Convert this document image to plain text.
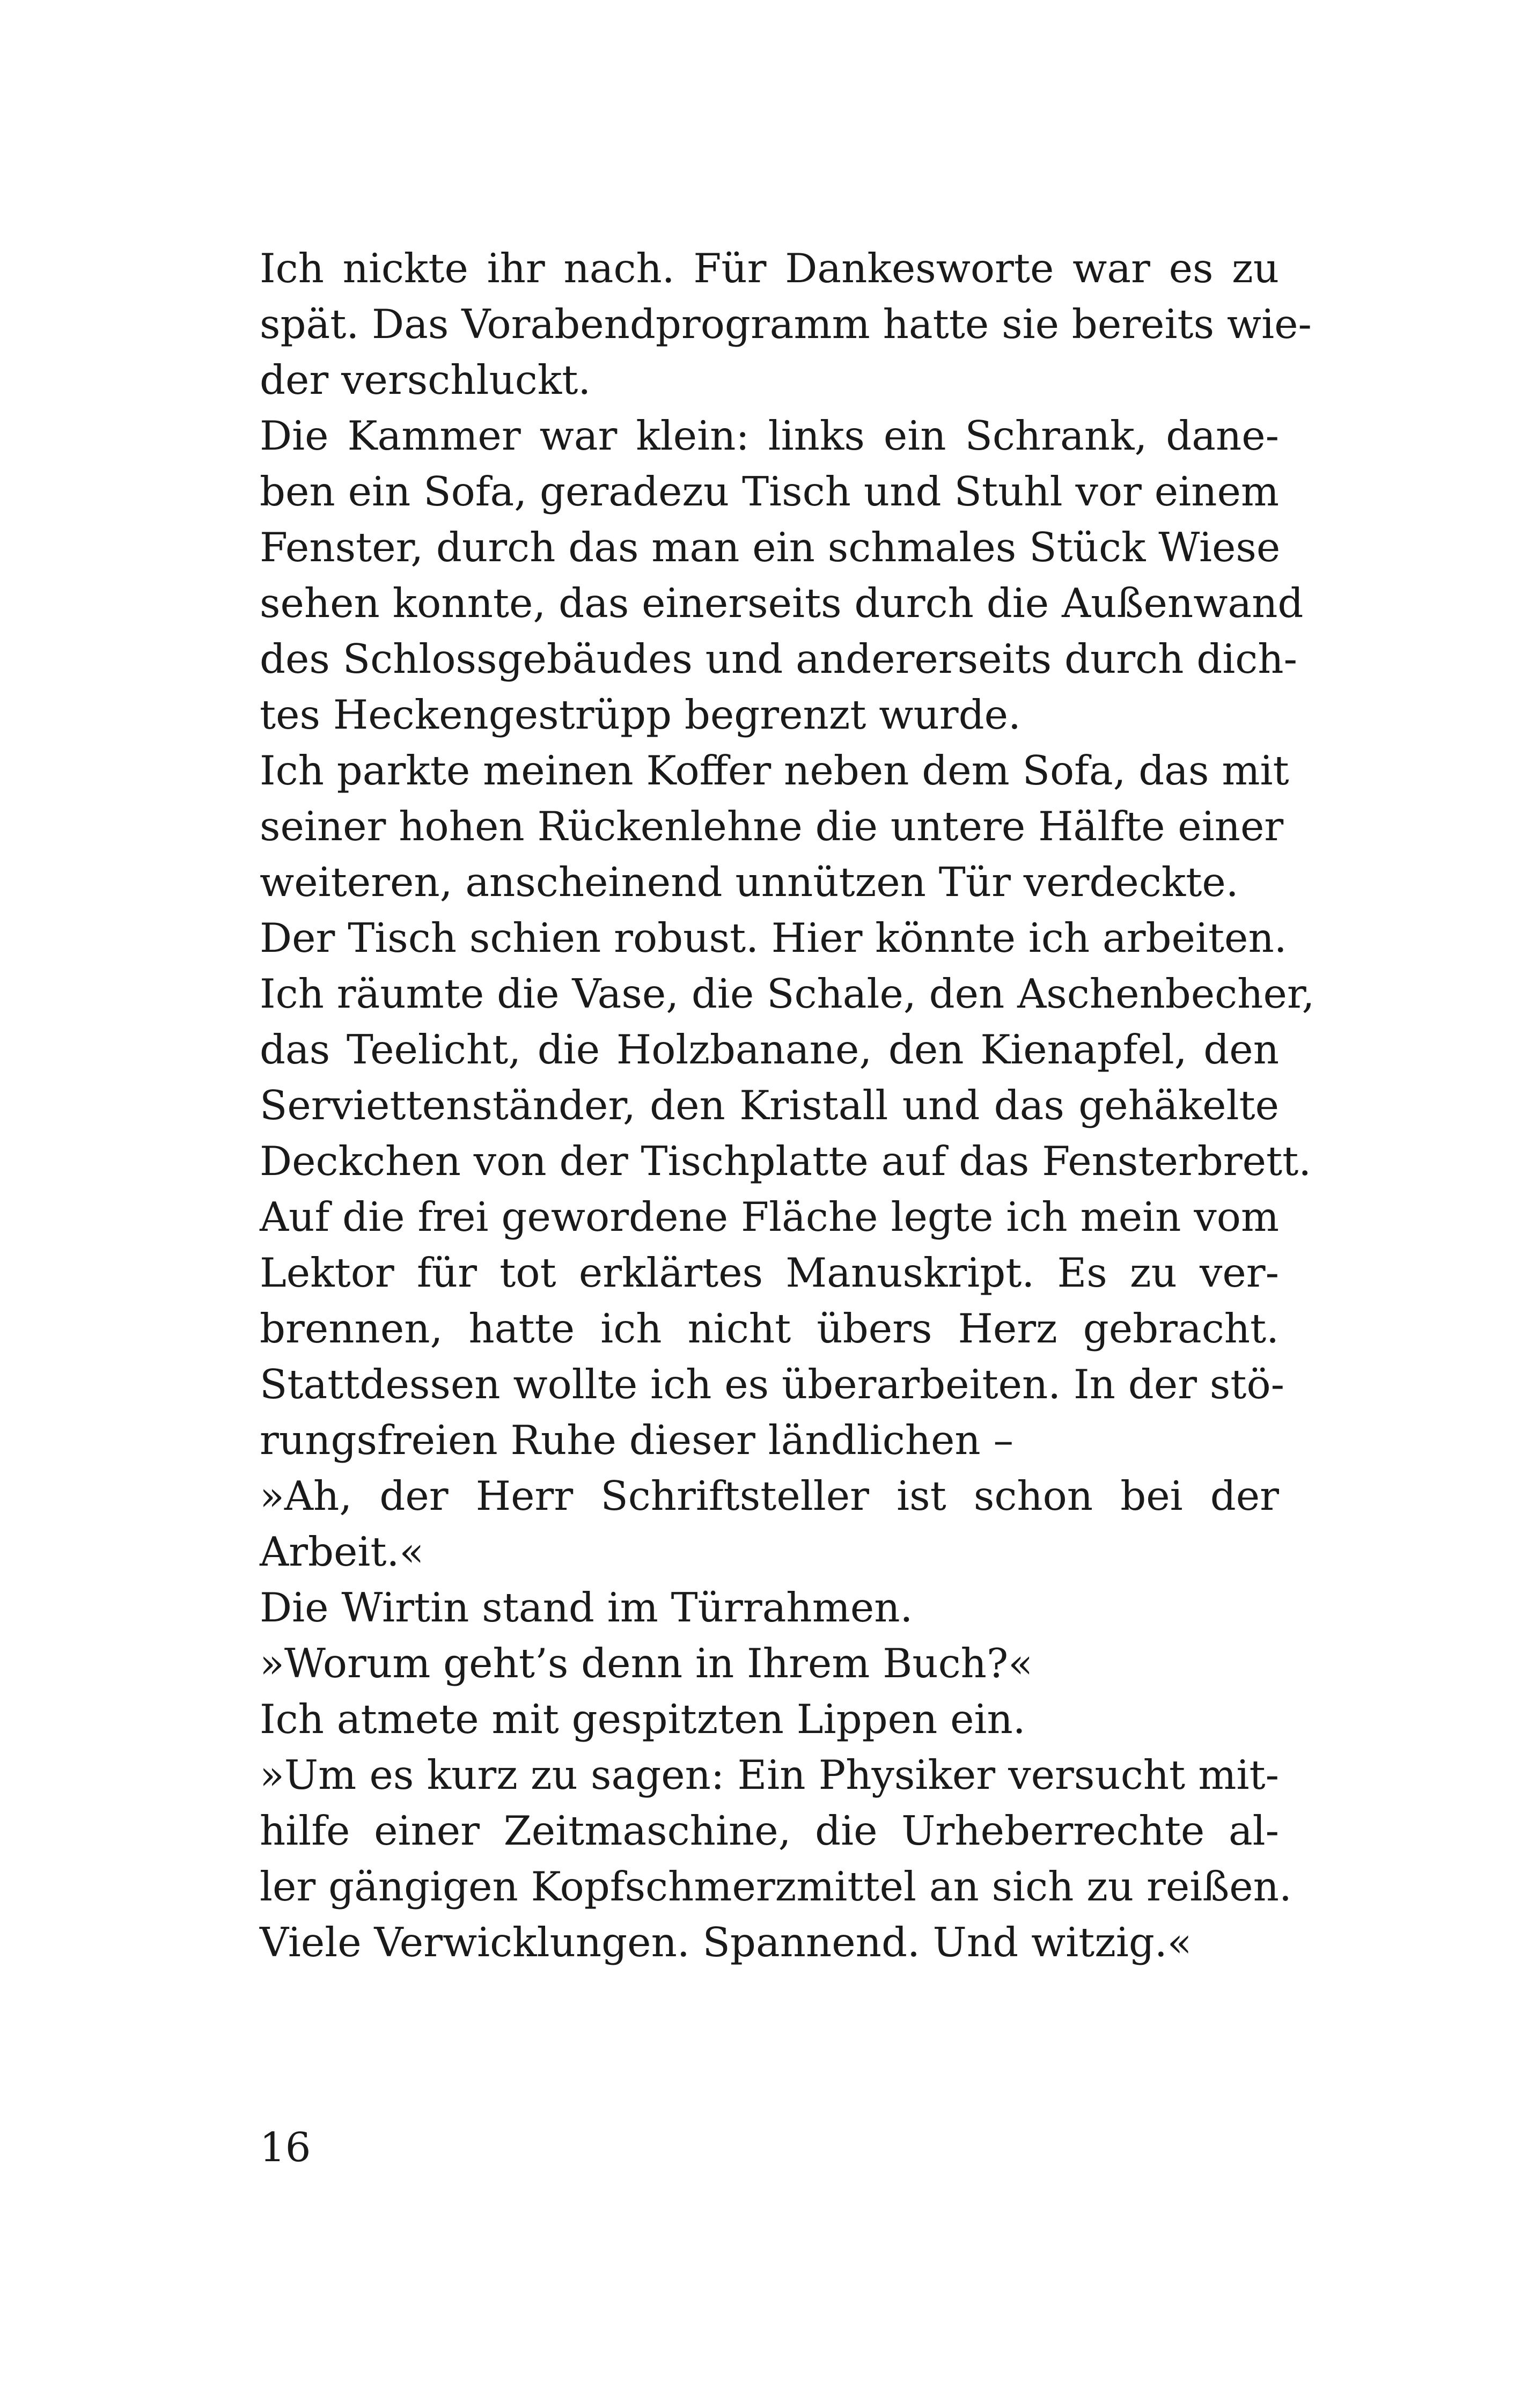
Ich nickte ihr nach. Für Dankesworte war es zu
spät. Das Vorabendprogramm hatte sie bereits wie-
der verschluckt.
Die Kammer war klein: links ein Schrank, dane-
ben ein Sofa, geradezu Tisch und Stuhl vor einem
Fenster, durch das man ein schmales Stück Wiese
sehen konnte, das einerseits durch die Außenwand
des Schlossgebäudes und andererseits durch dich-
tes Heckengestrüpp begrenzt wurde.
Ich parkte meinen Koffer neben dem Sofa, das mit
seiner hohen Rückenlehne die untere Hälfte einer
weiteren, anscheinend unnützen Tür verdeckte.
Der Tisch schien robust. Hier könnte ich arbeiten.
Ich räumte die Vase, die Schale, den Aschenbecher,
das Teelicht, die Holzbanane, den Kienapfel, den
Serviettenständer, den Kristall und das gehäkelte
Deckchen von der Tischplatte auf das Fensterbrett.
Auf die frei gewordene Fläche legte ich mein vom
Lektor für tot erklärtes Manuskript. Es zu ver-
brennen, hatte ich nicht übers Herz gebracht.
Stattdessen wollte ich es überarbeiten. In der stö-
rungsfreien Ruhe dieser ländlichen –
»Ah, der Herr Schriftsteller ist schon bei der
Arbeit.«
Die Wirtin stand im Türrahmen.
»Worum geht’s denn in Ihrem Buch?«
Ich atmete mit gespitzten Lippen ein.
»Um es kurz zu sagen: Ein Physiker versucht mit-
hilfe einer Zeitmaschine, die Urheberrechte al-
ler gängigen Kopfschmerzmittel an sich zu reißen.
Viele Verwicklungen. Spannend. Und witzig.«
16
